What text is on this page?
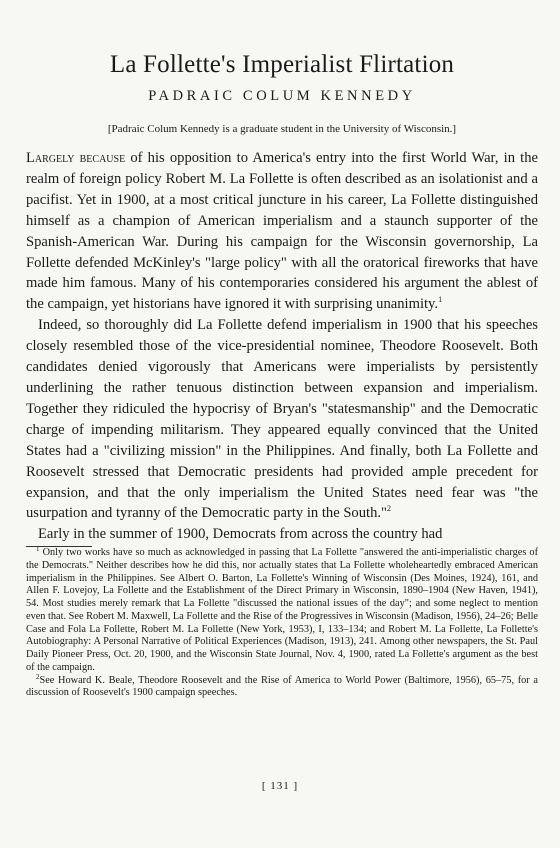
La Follette's Imperialist Flirtation
PADRAIC COLUM KENNEDY
[Padraic Colum Kennedy is a graduate student in the University of Wisconsin.]

Largely because of his opposition to America's entry into the first World War, in the realm of foreign policy Robert M. La Follette is often described as an isolationist and a pacifist. Yet in 1900, at a most critical juncture in his career, La Follette distinguished himself as a champion of American imperialism and a staunch supporter of the Spanish-American War. During his campaign for the Wisconsin governorship, La Follette defended McKinley's "large policy" with all the oratorical fireworks that have made him famous. Many of his contemporaries considered his argument the ablest of the campaign, yet historians have ignored it with surprising unanimity.$^1$

Indeed, so thoroughly did La Follette defend imperialism in 1900 that his speeches closely resembled those of the vice-presidential nominee, Theodore Roosevelt. Both candidates denied vigorously that Americans were imperialists by persistently underlining the rather tenuous distinction between expansion and imperialism. Together they ridiculed the hypocrisy of Bryan's "statesmanship" and the Democratic charge of impending militarism. They appeared equally convinced that the United States had a "civilizing mission" in the Philippines. And finally, both La Follette and Roosevelt stressed that Democratic presidents had provided ample precedent for expansion, and that the only imperialism the United States need fear was "the usurpation and tyranny of the Democratic party in the South."$^2$

Early in the summer of 1900, Democrats from across the country had

$^1$ Only two works have so much as acknowledged in passing that La Follette "answered the anti-imperialistic charges of the Democrats." Neither describes how he did this, nor actually states that La Follette wholeheartedly embraced American imperialism in the Philippines. See Albert O. Barton, La Follette's Winning of Wisconsin (Des Moines, 1924), 161, and Allen F. Lovejoy, La Follette and the Establishment of the Direct Primary in Wisconsin, 1890–1904 (New Haven, 1941), 54. Most studies merely remark that La Follette "discussed the national issues of the day"; and some neglect to mention even that. See Robert M. Maxwell, La Follette and the Rise of the Progressives in Wisconsin (Madison, 1956), 24–26; Belle Case and Fola La Follette, Robert M. La Follette (New York, 1953), I, 133–134; and Robert M. La Follette, La Follette's Autobiography: A Personal Narrative of Political Experiences (Madison, 1913), 241. Among other newspapers, the St. Paul Daily Pioneer Press, Oct. 20, 1900, and the Wisconsin State Journal, Nov. 4, 1900, rated La Follette's argument as the best of the campaign.

$^2$See Howard K. Beale, Theodore Roosevelt and the Rise of America to World Power (Baltimore, 1956), 65–75, for a discussion of Roosevelt's 1900 campaign speeches.

[ 131 ]
